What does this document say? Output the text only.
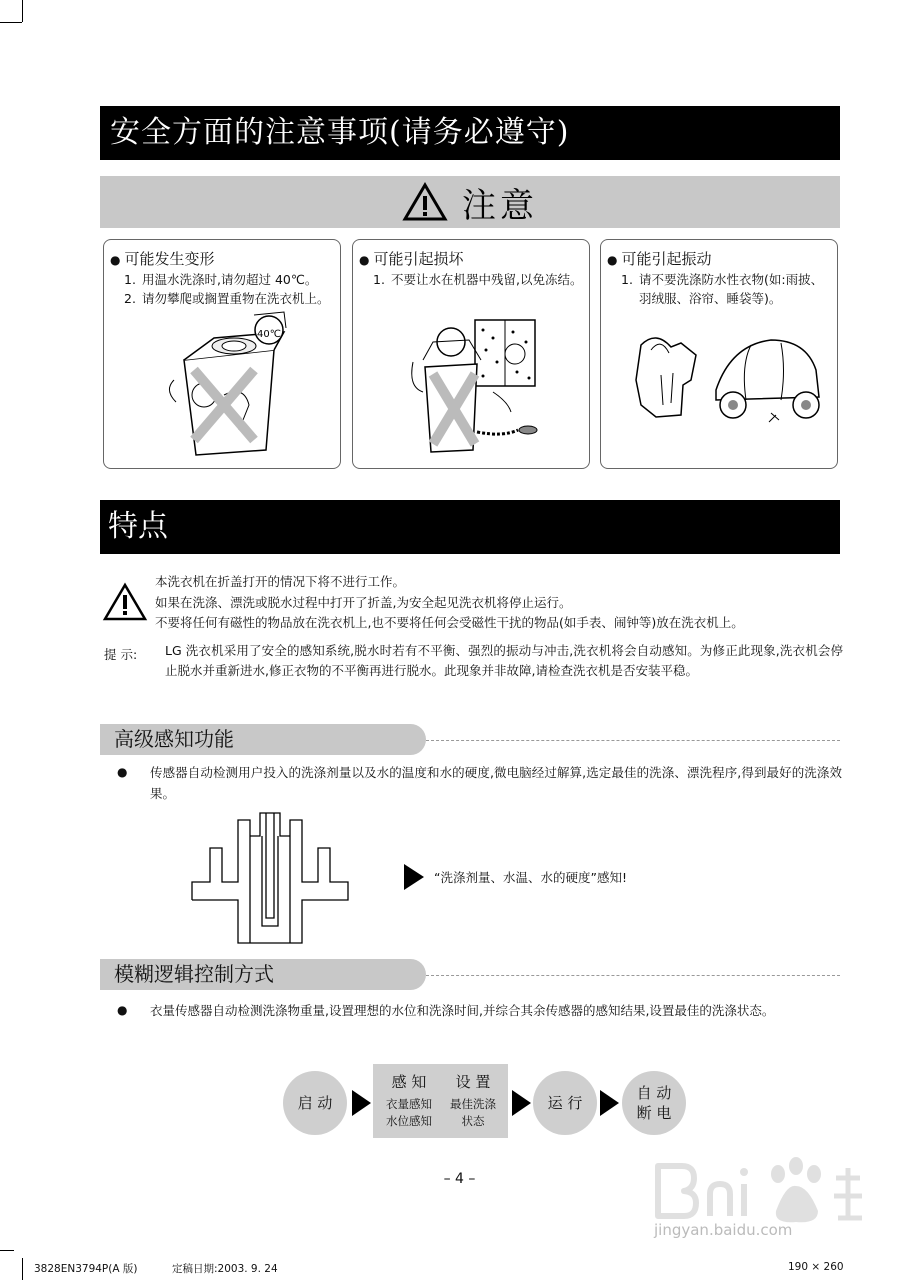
安全方面的注意事项(请务必遵守)
注意
● 可能发生变形
1. 用温水洗涤时,请勿超过 40℃。
2. 请勿攀爬或搁置重物在洗衣机上。
40℃
● 可能引起损坏
1. 不要让水在机器中残留,以免冻结。
● 可能引起振动
1. 请不要洗涤防水性衣物(如:雨披、羽绒服、浴帘、睡袋等)。
特点
本洗衣机在折盖打开的情况下将不进行工作。
如果在洗涤、漂洗或脱水过程中打开了折盖,为安全起见洗衣机将停止运行。
不要将任何有磁性的物品放在洗衣机上,也不要将任何会受磁性干扰的物品(如手表、闹钟等)放在洗衣机上。
提 示: LG 洗衣机采用了安全的感知系统,脱水时若有不平衡、强烈的振动与冲击,洗衣机将会自动感知。为修正此现象,洗衣机会停止脱水并重新进水,修正衣物的不平衡再进行脱水。此现象并非故障,请检查洗衣机是否安装平稳。
高级感知功能
● 传感器自动检测用户投入的洗涤剂量以及水的温度和水的硬度,微电脑经过解算,选定最佳的洗涤、漂洗程序,得到最好的洗涤效果。
“洗涤剂量、水温、水的硬度”感知!
模糊逻辑控制方式
● 衣量传感器自动检测洗涤物重量,设置理想的水位和洗涤时间,并综合其余传感器的感知结果,设置最佳的洗涤状态。
启 动
感 知
衣量感知
水位感知
设 置
最佳洗涤
状态
运 行
自 动
断 电
– 4 –
jingyan.baidu.com
3828EN3794P(A 版)	定稿日期:2003. 9. 24	190 × 260
